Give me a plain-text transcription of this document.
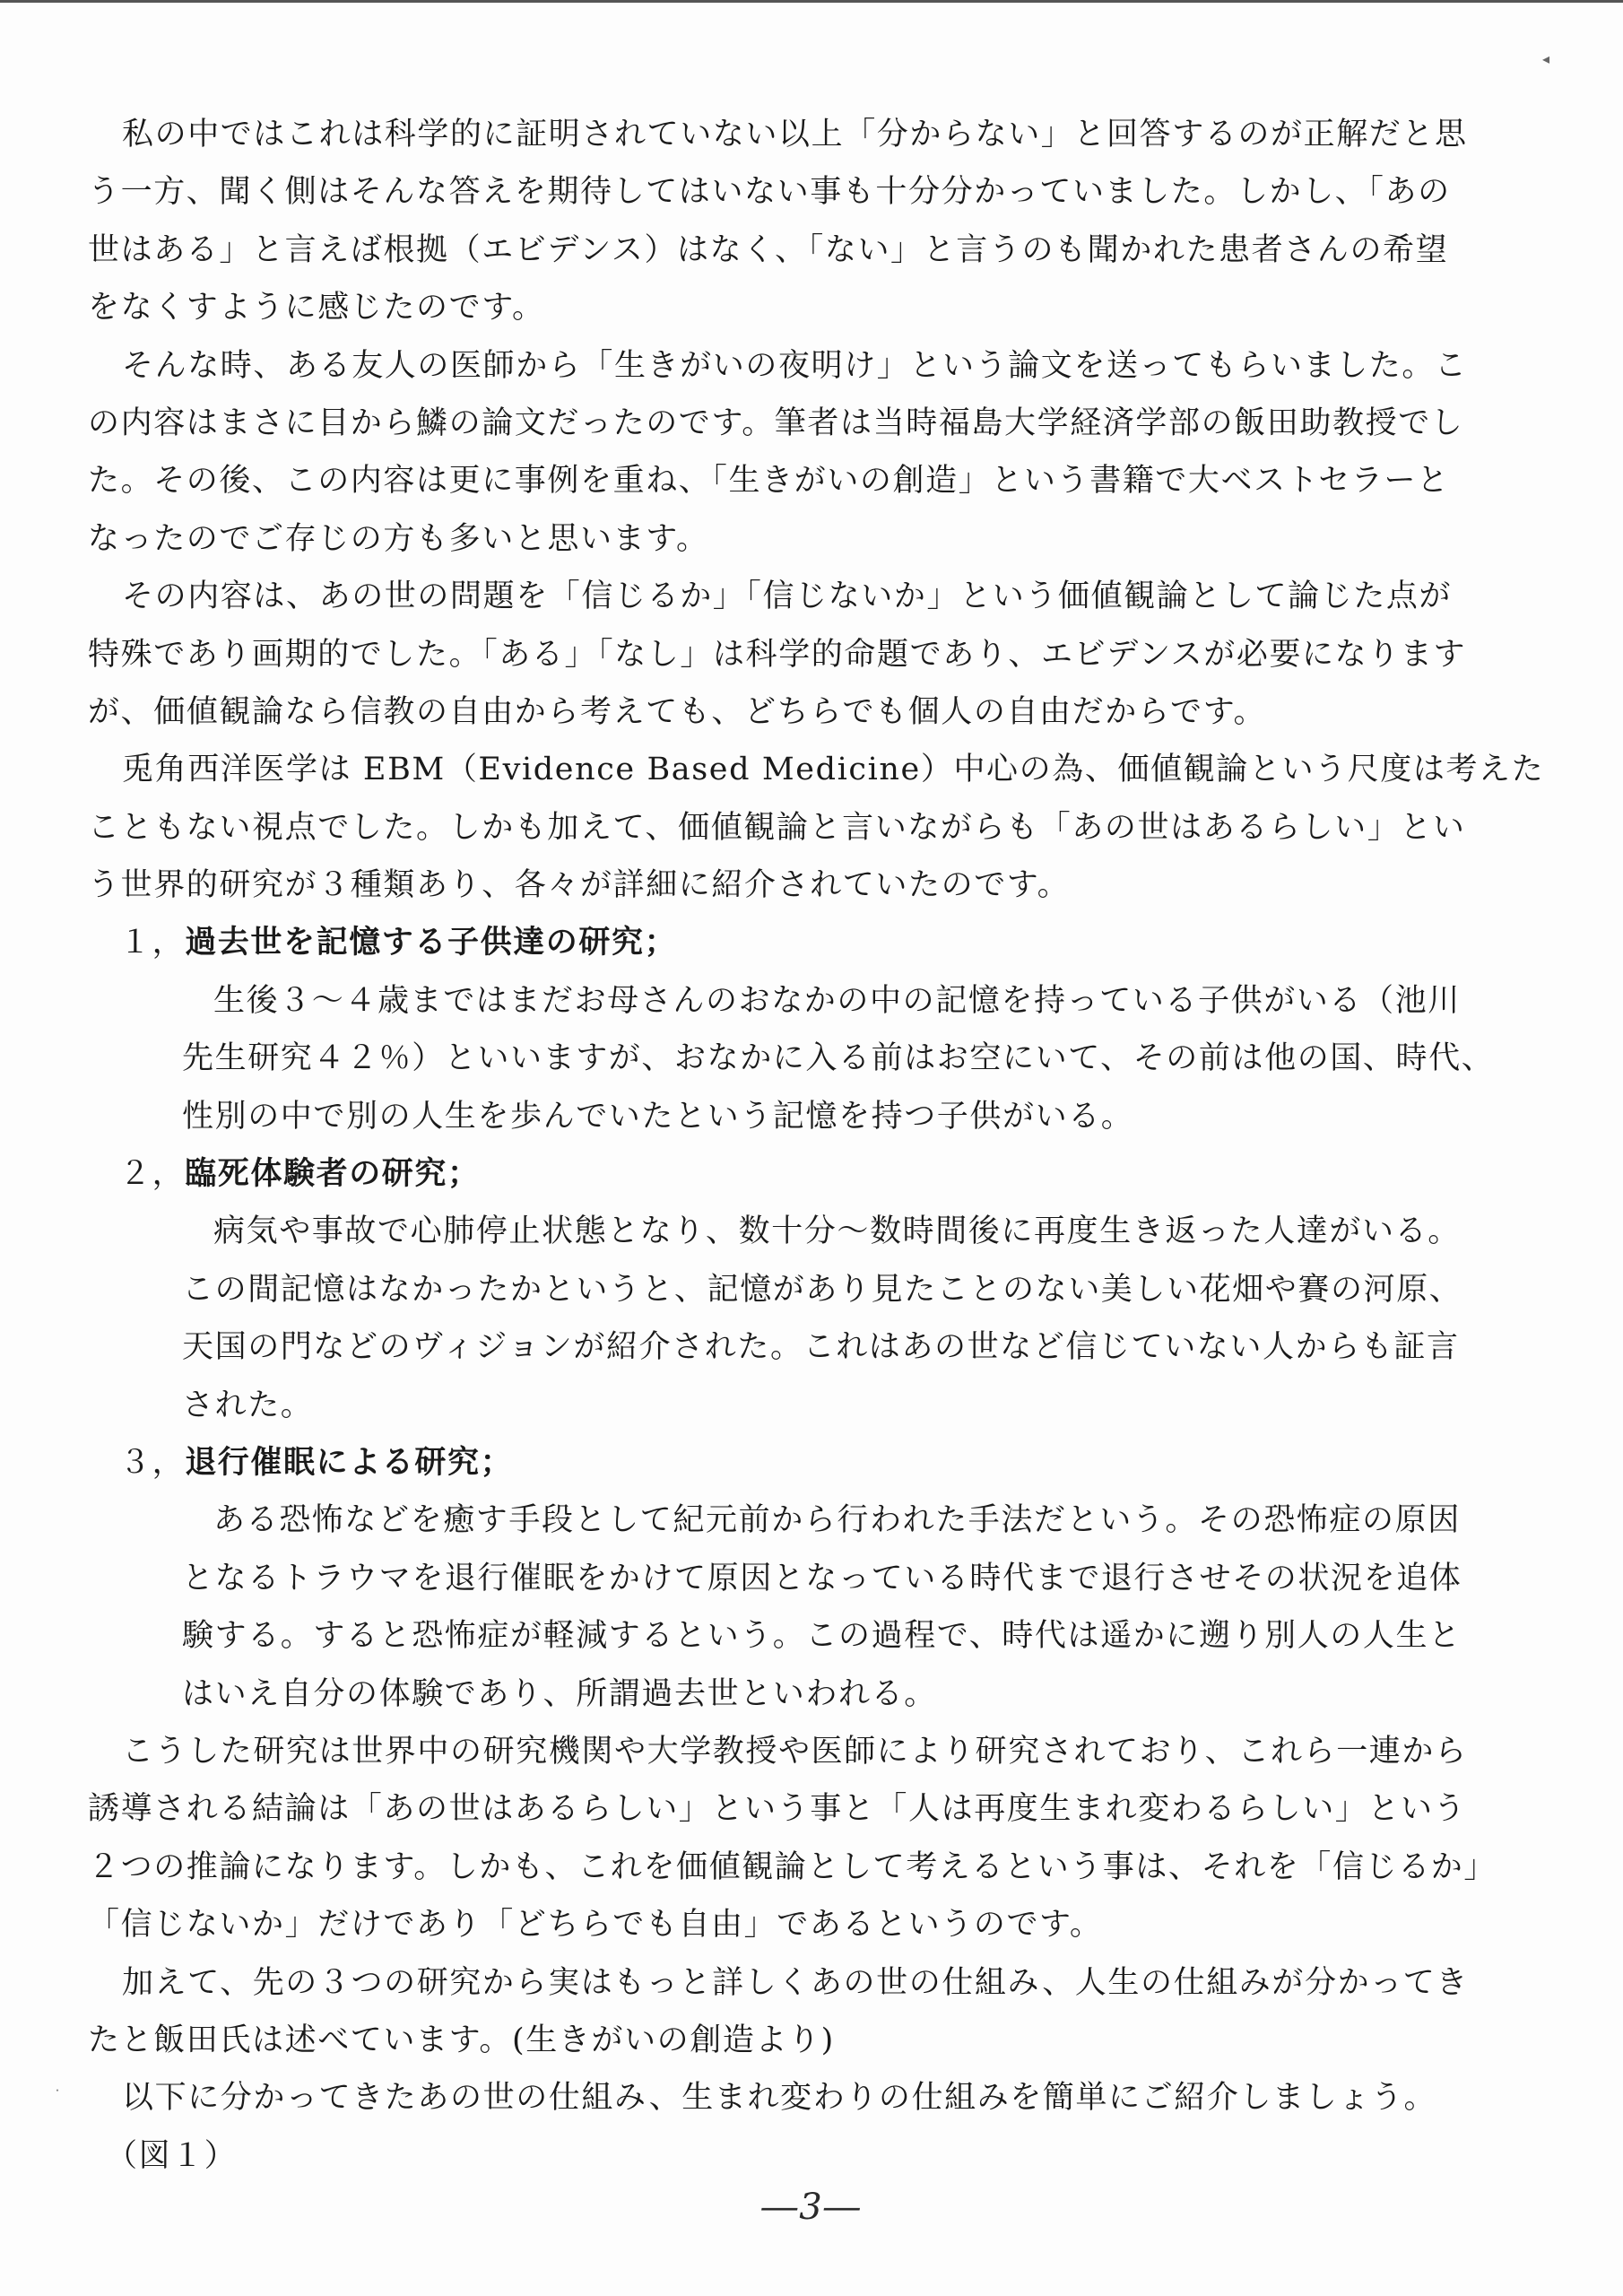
◂
・
私の中ではこれは科学的に証明されていない以上「分からない」と回答するのが正解だと思
う一方、聞く側はそんな答えを期待してはいない事も十分分かっていました。しかし、「あの
世はある」と言えば根拠（エビデンス）はなく、「ない」と言うのも聞かれた患者さんの希望
をなくすように感じたのです。
そんな時、ある友人の医師から「生きがいの夜明け」という論文を送ってもらいました。こ
の内容はまさに目から鱗の論文だったのです。筆者は当時福島大学経済学部の飯田助教授でし
た。その後、この内容は更に事例を重ね、「生きがいの創造」という書籍で大ベストセラーと
なったのでご存じの方も多いと思います。
その内容は、あの世の問題を「信じるか」「信じないか」という価値観論として論じた点が
特殊であり画期的でした。「ある」「なし」は科学的命題であり、エビデンスが必要になります
が、価値観論なら信教の自由から考えても、どちらでも個人の自由だからです。
兎角西洋医学は EBM（Evidence Based Medicine）中心の為、価値観論という尺度は考えた
こともない視点でした。しかも加えて、価値観論と言いながらも「あの世はあるらしい」とい
う世界的研究が３種類あり、各々が詳細に紹介されていたのです。
１，過去世を記憶する子供達の研究；
生後３～４歳まではまだお母さんのおなかの中の記憶を持っている子供がいる（池川
先生研究４２％）といいますが、おなかに入る前はお空にいて、その前は他の国、時代、
性別の中で別の人生を歩んでいたという記憶を持つ子供がいる。
２，臨死体験者の研究；
病気や事故で心肺停止状態となり、数十分～数時間後に再度生き返った人達がいる。
この間記憶はなかったかというと、記憶があり見たことのない美しい花畑や賽の河原、
天国の門などのヴィジョンが紹介された。これはあの世など信じていない人からも証言
された。
３，退行催眠による研究；
ある恐怖などを癒す手段として紀元前から行われた手法だという。その恐怖症の原因
となるトラウマを退行催眠をかけて原因となっている時代まで退行させその状況を追体
験する。すると恐怖症が軽減するという。この過程で、時代は遥かに遡り別人の人生と
はいえ自分の体験であり、所謂過去世といわれる。
こうした研究は世界中の研究機関や大学教授や医師により研究されており、これら一連から
誘導される結論は「あの世はあるらしい」という事と「人は再度生まれ変わるらしい」という
２つの推論になります。しかも、これを価値観論として考えるという事は、それを「信じるか」
「信じないか」だけであり「どちらでも自由」であるというのです。
加えて、先の３つの研究から実はもっと詳しくあの世の仕組み、人生の仕組みが分かってき
たと飯田氏は述べています。(生きがいの創造より)
以下に分かってきたあの世の仕組み、生まれ変わりの仕組みを簡単にご紹介しましょう。
（図１）
―3―
